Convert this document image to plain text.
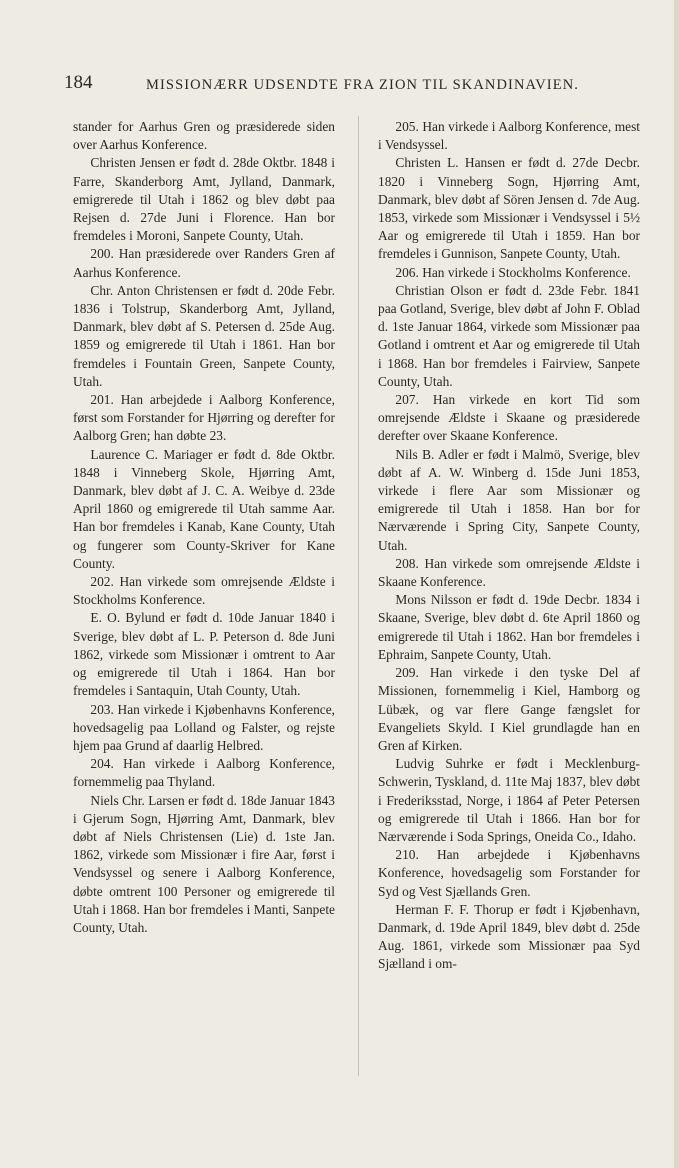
184	MISSIONÆRR UDSENDTE FRA ZION TIL SKANDINAVIEN.

stander for Aarhus Gren og præsiderede siden over Aarhus Konference.

Christen Jensen er født d. 28de Oktbr. 1848 i Farre, Skanderborg Amt, Jylland, Danmark, emigrerede til Utah i 1862 og blev døbt paa Rejsen d. 27de Juni i Florence. Han bor fremdeles i Moroni, Sanpete County, Utah.

200. Han præsiderede over Randers Gren af Aarhus Konference.

Chr. Anton Christensen er født d. 20de Febr. 1836 i Tolstrup, Skanderborg Amt, Jylland, Danmark, blev døbt af S. Petersen d. 25de Aug. 1859 og emigrerede til Utah i 1861. Han bor fremdeles i Fountain Green, Sanpete County, Utah.

201. Han arbejdede i Aalborg Konference, først som Forstander for Hjørring og derefter for Aalborg Gren; han døbte 23.

Laurence C. Mariager er født d. 8de Oktbr. 1848 i Vinneberg Skole, Hjørring Amt, Danmark, blev døbt af J. C. A. Weibye d. 23de April 1860 og emigrerede til Utah samme Aar. Han bor fremdeles i Kanab, Kane County, Utah og fungerer som County-Skriver for Kane County.

202. Han virkede som omrejsende Ældste i Stockholms Konference.

E. O. Bylund er født d. 10de Januar 1840 i Sverige, blev døbt af L. P. Peterson d. 8de Juni 1862, virkede som Missionær i omtrent to Aar og emigrerede til Utah i 1864. Han bor fremdeles i Santaquin, Utah County, Utah.

203. Han virkede i Kjøbenhavns Konference, hovedsagelig paa Lolland og Falster, og rejste hjem paa Grund af daarlig Helbred.

204. Han virkede i Aalborg Konference, fornemmelig paa Thyland.

Niels Chr. Larsen er født d. 18de Januar 1843 i Gjerum Sogn, Hjørring Amt, Danmark, blev døbt af Niels Christensen (Lie) d. 1ste Jan. 1862, virkede som Missionær i fire Aar, først i Vendsyssel og senere i Aalborg Konference, døbte omtrent 100 Personer og emigrerede til Utah i 1868. Han bor fremdeles i Manti, Sanpete County, Utah.

205. Han virkede i Aalborg Konference, mest i Vendsyssel.

Christen L. Hansen er født d. 27de Decbr. 1820 i Vinneberg Sogn, Hjørring Amt, Danmark, blev døbt af Sören Jensen d. 7de Aug. 1853, virkede som Missionær i Vendsyssel i 5½ Aar og emigrerede til Utah i 1859. Han bor fremdeles i Gunnison, Sanpete County, Utah.

206. Han virkede i Stockholms Konference.

Christian Olson er født d. 23de Febr. 1841 paa Gotland, Sverige, blev døbt af John F. Oblad d. 1ste Januar 1864, virkede som Missionær paa Gotland i omtrent et Aar og emigrerede til Utah i 1868. Han bor fremdeles i Fairview, Sanpete County, Utah.

207. Han virkede en kort Tid som omrejsende Ældste i Skaane og præsiderede derefter over Skaane Konference.

Nils B. Adler er født i Malmö, Sverige, blev døbt af A. W. Winberg d. 15de Juni 1853, virkede i flere Aar som Missionær og emigrerede til Utah i 1858. Han bor for Nærværende i Spring City, Sanpete County, Utah.

208. Han virkede som omrejsende Ældste i Skaane Konference.

Mons Nilsson er født d. 19de Decbr. 1834 i Skaane, Sverige, blev døbt d. 6te April 1860 og emigrerede til Utah i 1862. Han bor fremdeles i Ephraim, Sanpete County, Utah.

209. Han virkede i den tyske Del af Missionen, fornemmelig i Kiel, Hamborg og Lübæk, og var flere Gange fængslet for Evangeliets Skyld. I Kiel grundlagde han en Gren af Kirken.

Ludvig Suhrke er født i Mecklenburg-Schwerin, Tyskland, d. 11te Maj 1837, blev døbt i Frederiksstad, Norge, i 1864 af Peter Petersen og emigrerede til Utah i 1866. Han bor for Nærværende i Soda Springs, Oneida Co., Idaho.

210. Han arbejdede i Kjøbenhavns Konference, hovedsagelig som Forstander for Syd og Vest Sjællands Gren.

Herman F. F. Thorup er født i Kjøbenhavn, Danmark, d. 19de April 1849, blev døbt d. 25de Aug. 1861, virkede som Missionær paa Syd Sjælland i om-
